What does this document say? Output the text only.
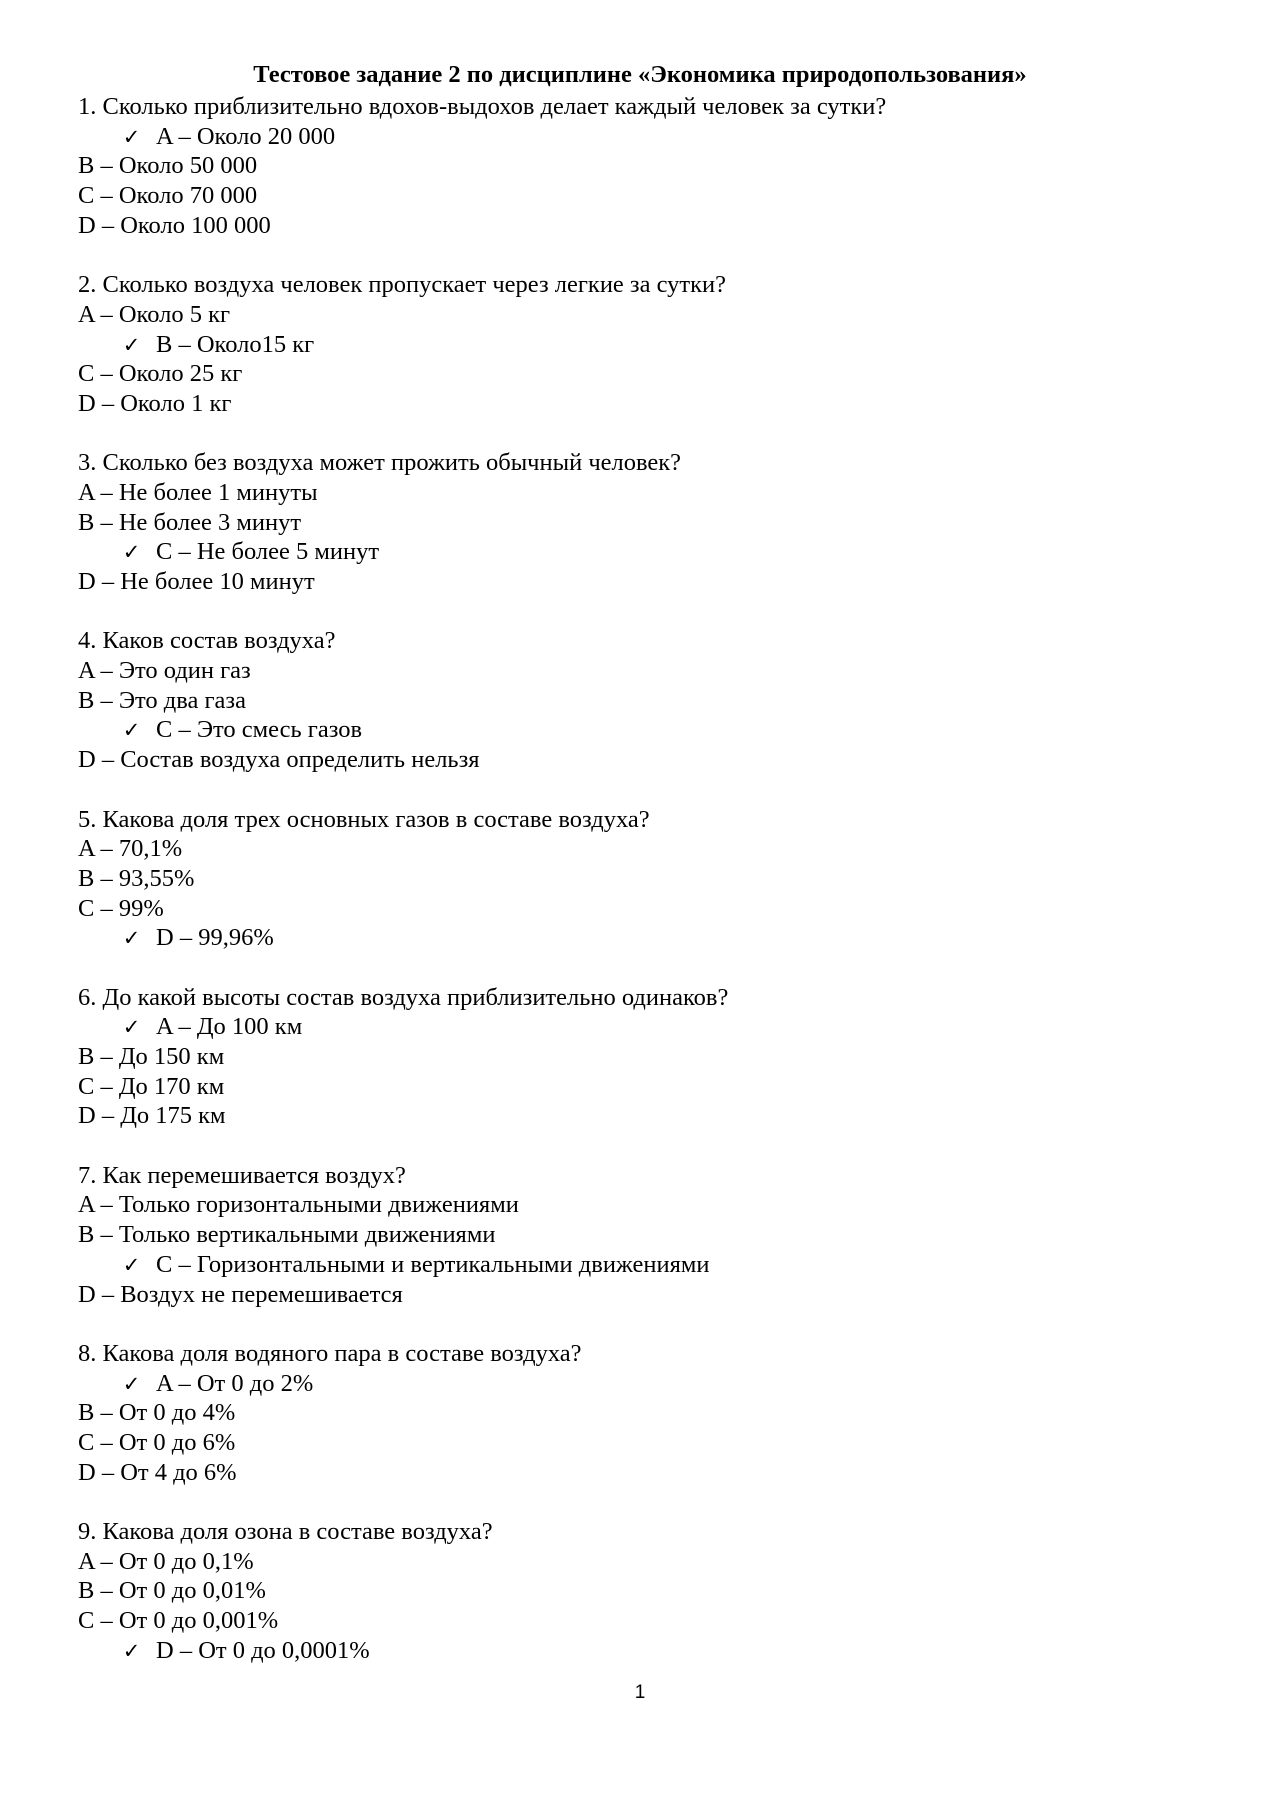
Тестовое задание 2 по дисциплине «Экономика природопользования»
1. Сколько приблизительно вдохов-выдохов делает каждый человек за сутки?
✓ A – Около 20 000
B – Около 50 000
C – Около 70 000
D – Около 100 000
2. Сколько воздуха человек пропускает через легкие за сутки?
A – Около 5 кг
✓ B – Около15 кг
C – Около 25 кг
D – Около 1 кг
3. Сколько без воздуха может прожить обычный человек?
A – Не более 1 минуты
B – Не более 3 минут
✓ C – Не более 5 минут
D – Не более 10 минут
4. Каков состав воздуха?
A – Это один газ
B – Это два газа
✓ C – Это смесь газов
D – Состав воздуха определить нельзя
5. Какова доля трех основных газов в составе воздуха?
A – 70,1%
B – 93,55%
C – 99%
✓ D – 99,96%
6. До какой высоты состав воздуха приблизительно одинаков?
✓ A – До 100 км
B – До 150 км
C – До 170 км
D – До 175 км
7. Как перемешивается воздух?
A – Только горизонтальными движениями
B – Только вертикальными движениями
✓ C – Горизонтальными и вертикальными движениями
D – Воздух не перемешивается
8. Какова доля водяного пара в составе воздуха?
✓ A – От 0 до 2%
B – От 0 до 4%
C – От 0 до 6%
D – От 4 до 6%
9. Какова доля озона в составе воздуха?
A – От 0 до 0,1%
B – От 0 до 0,01%
C – От 0 до 0,001%
✓ D – От 0 до 0,0001%
1
